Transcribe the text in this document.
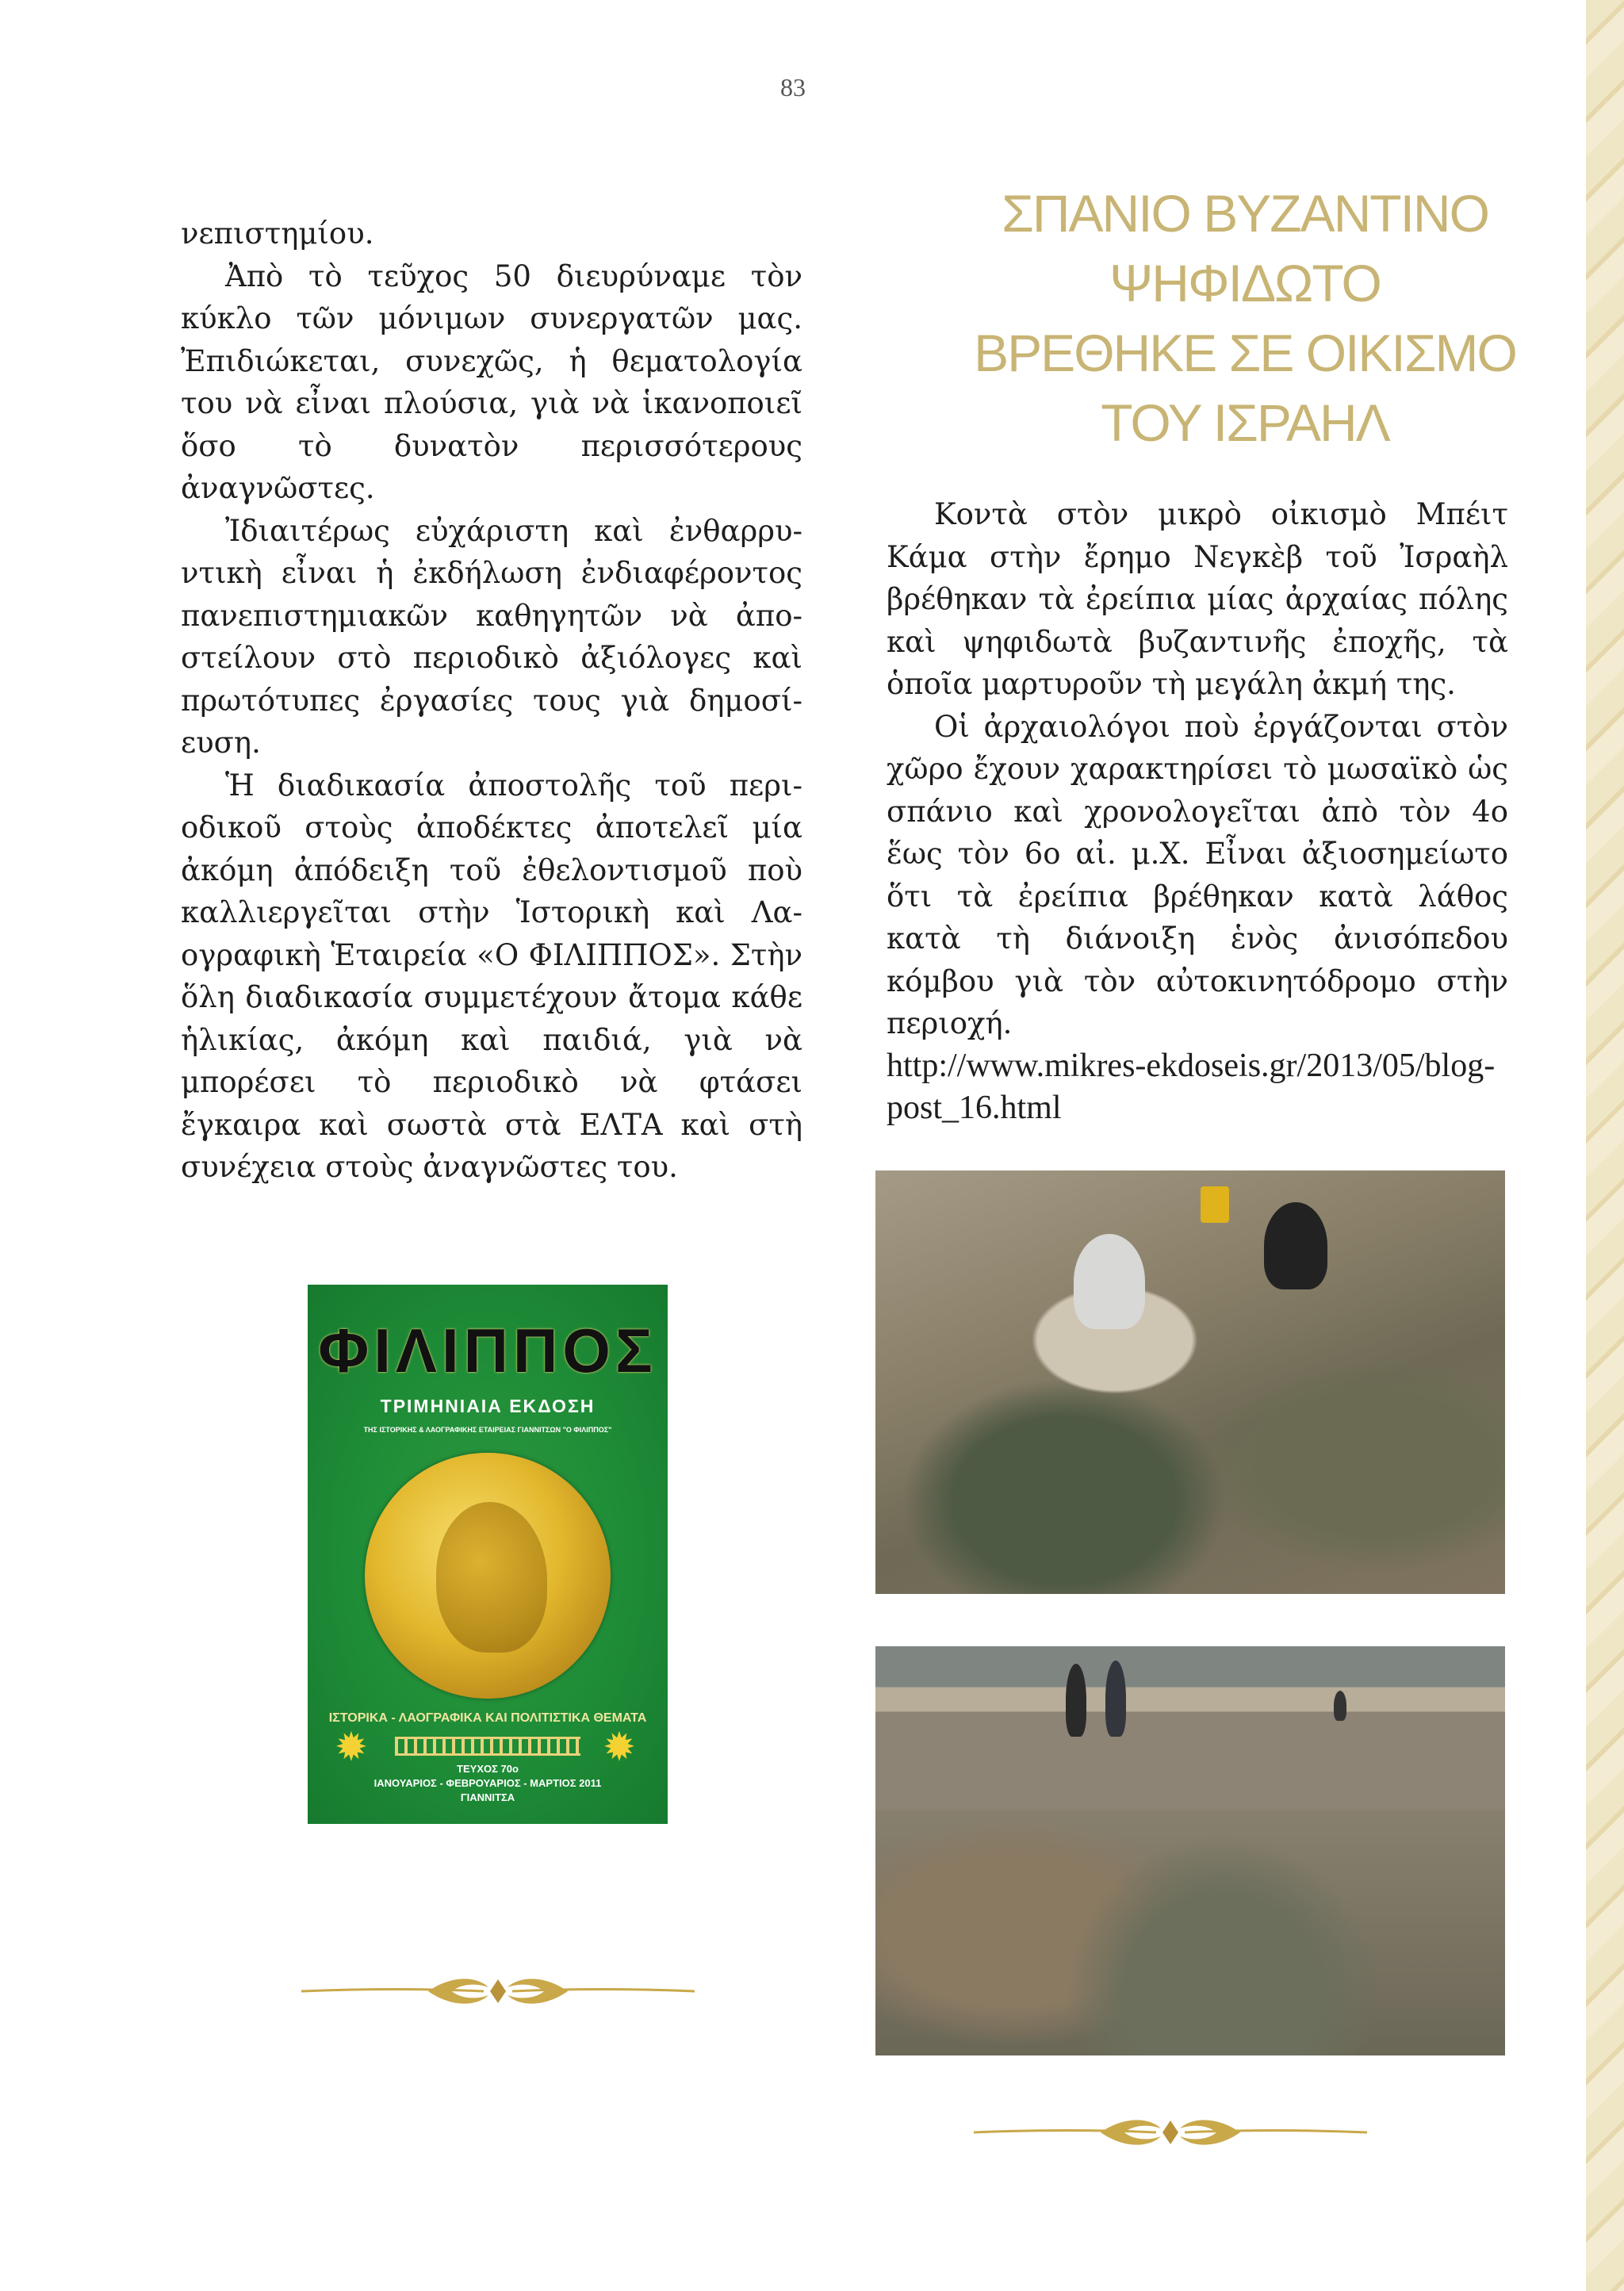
83

νεπιστημίου.

Ἀπὸ τὸ τεῦχος 50 διευρύναμε τὸν κύκλο τῶν μόνιμων συνεργατῶν μας. Ἐπιδιώκεται, συνεχῶς, ἡ θεματολογία του νὰ εἶναι πλούσια, γιὰ νὰ ἱκανοποιεῖ ὅσο τὸ δυνατὸν περισσότερους ἀναγνῶστες.

Ἰδιαιτέρως εὐχάριστη καὶ ἐνθαρρυντικὴ εἶναι ἡ ἐκδήλωση ἐνδιαφέροντος πανεπιστημιακῶν καθηγητῶν νὰ ἀποστείλουν στὸ περιοδικὸ ἀξιόλογες καὶ πρωτότυπες ἐργασίες τους γιὰ δημοσίευση.

Ἡ διαδικασία ἀποστολῆς τοῦ περιοδικοῦ στοὺς ἀποδέκτες ἀποτελεῖ μία ἀκόμη ἀπόδειξη τοῦ ἐθελοντισμοῦ ποὺ καλλιεργεῖται στὴν Ἱστορικὴ καὶ Λαογραφικὴ Ἑταιρεία «Ο ΦΙΛΙΠΠΟΣ». Στὴν ὅλη διαδικασία συμμετέχουν ἄτομα κάθε ἡλικίας, ἀκόμη καὶ παιδιά, γιὰ νὰ μπορέσει τὸ περιοδικὸ νὰ φτάσει ἔγκαιρα καὶ σωστὰ στὰ ΕΛΤΑ καὶ στὴ συνέχεια στοὺς ἀναγνῶστες του.

ΦΙΛΙΠΠΟΣ
ΤΡΙΜΗΝΙΑΙΑ ΕΚΔΟΣΗ
ΤΗΣ ΙΣΤΟΡΙΚΗΣ & ΛΑΟΓΡΑΦΙΚΗΣ ΕΤΑΙΡΕΙΑΣ ΓΙΑΝΝΙΤΣΩΝ "Ο ΦΙΛΙΠΠΟΣ"
ΙΣΤΟΡΙΚΑ - ΛΑΟΓΡΑΦΙΚΑ ΚΑΙ ΠΟΛΙΤΙΣΤΙΚΑ ΘΕΜΑΤΑ
✹	✹
ΤΕΥΧΟΣ 70ο
ΙΑΝΟΥΑΡΙΟΣ - ΦΕΒΡΟΥΑΡΙΟΣ - ΜΑΡΤΙΟΣ 2011
ΓΙΑΝΝΙΤΣΑ
ΣΠΑΝΙΟ ΒΥΖΑΝΤΙΝΟ
ΨΗΦΙΔΩΤΟ
ΒΡΕΘΗΚΕ ΣΕ ΟΙΚΙΣΜΟ
ΤΟΥ ΙΣΡΑΗΛ

Κοντὰ στὸν μικρὸ οἰκισμὸ Μπέιτ Κάμα στὴν ἔρημο Νεγκὲβ τοῦ Ἰσραὴλ βρέθηκαν τὰ ἐρείπια μίας ἀρχαίας πόλης καὶ ψηφιδωτὰ βυζαντινῆς ἐποχῆς, τὰ ὁποῖα μαρτυροῦν τὴ μεγάλη ἀκμή της.

Οἱ ἀρχαιολόγοι ποὺ ἐργάζονται στὸν χῶρο ἔχουν χαρακτηρίσει τὸ μωσαϊκὸ ὡς σπάνιο καὶ χρονολογεῖται ἀπὸ τὸν 4ο ἕως τὸν 6ο αἰ. μ.Χ. Εἶναι ἀξιοσημείωτο ὅτι τὰ ἐρείπια βρέθηκαν κατὰ λάθος κατὰ τὴ διάνοιξη ἑνὸς ἀνισόπεδου κόμβου γιὰ τὸν αὐτοκινητόδρομο στὴν περιοχή.

http://www.mikres-ekdoseis.gr/2013/05/blog-post_16.html
